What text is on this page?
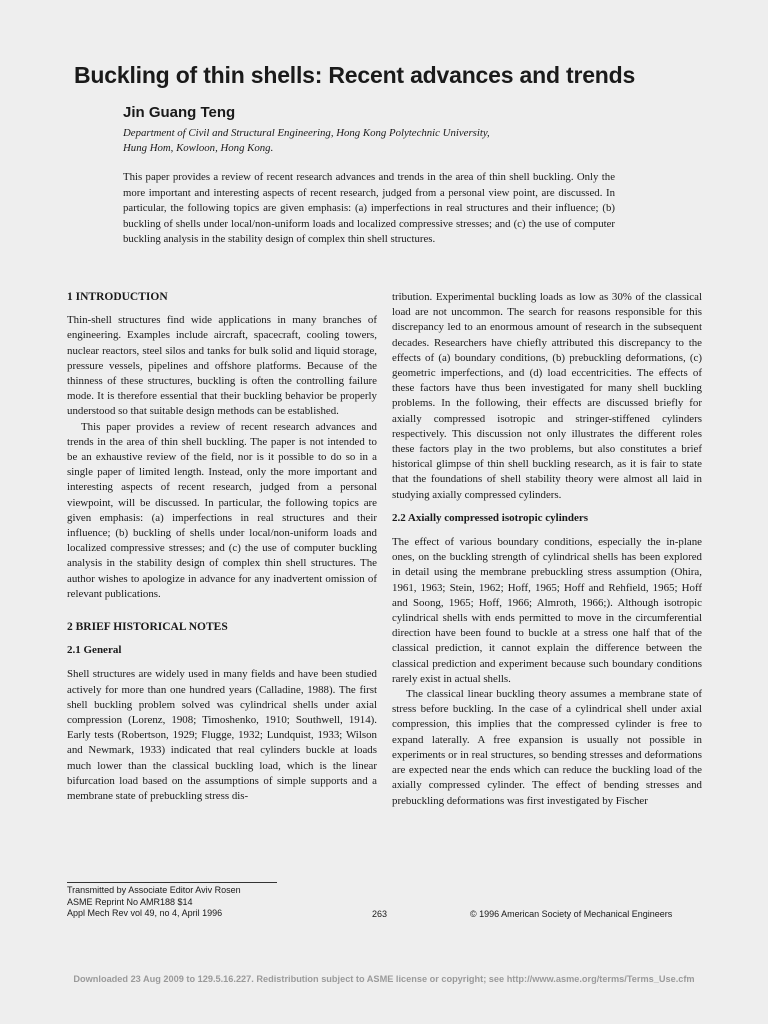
Buckling of thin shells: Recent advances and trends
Jin Guang Teng
Department of Civil and Structural Engineering, Hong Kong Polytechnic University,
Hung Hom, Kowloon, Hong Kong.
This paper provides a review of recent research advances and trends in the area of thin shell buckling. Only the more important and interesting aspects of recent research, judged from a personal view point, are discussed. In particular, the following topics are given emphasis: (a) imperfections in real structures and their influence; (b) buckling of shells under local/non-uniform loads and localized compressive stresses; and (c) the use of computer buckling analysis in the stability design of complex thin shell structures.
1 INTRODUCTION

Thin-shell structures find wide applications in many branches of engineering. Examples include aircraft, spacecraft, cooling towers, nuclear reactors, steel silos and tanks for bulk solid and liquid storage, pressure vessels, pipelines and offshore platforms. Because of the thinness of these structures, buckling is often the controlling failure mode. It is therefore essential that their buckling behavior be properly understood so that suitable design methods can be established.

This paper provides a review of recent research advances and trends in the area of thin shell buckling. The paper is not intended to be an exhaustive review of the field, nor is it possible to do so in a single paper of limited length. Instead, only the more important and interesting aspects of recent research, judged from a personal viewpoint, will be discussed. In particular, the following topics are given emphasis: (a) imperfections in real structures and their influence; (b) buckling of shells under local/non-uniform loads and localized compressive stresses; and (c) the use of computer buckling analysis in the stability design of complex thin shell structures. The author wishes to apologize in advance for any inadvertent omission of relevant publications.

2 BRIEF HISTORICAL NOTES
2.1 General

Shell structures are widely used in many fields and have been studied actively for more than one hundred years (Calladine, 1988). The first shell buckling problem solved was cylindrical shells under axial compression (Lorenz, 1908; Timoshenko, 1910; Southwell, 1914). Early tests (Robertson, 1929; Flugge, 1932; Lundquist, 1933; Wilson and Newmark, 1933) indicated that real cylinders buckle at loads much lower than the classical buckling load, which is the linear bifurcation load based on the assumptions of simple supports and a membrane state of prebuckling stress dis-

tribution. Experimental buckling loads as low as 30% of the classical load are not uncommon. The search for reasons responsible for this discrepancy led to an enormous amount of research in the subsequent decades. Researchers have chiefly attributed this discrepancy to the effects of (a) boundary conditions, (b) prebuckling deformations, (c) geometric imperfections, and (d) load eccentricities. The effects of these factors have thus been investigated for many shell buckling problems. In the following, their effects are discussed briefly for axially compressed isotropic and stringer-stiffened cylinders respectively. This discussion not only illustrates the different roles these factors play in the two problems, but also constitutes a brief historical glimpse of thin shell buckling research, as it is fair to state that the foundations of shell stability theory were almost all laid in studying axially compressed cylinders.

2.2 Axially compressed isotropic cylinders

The effect of various boundary conditions, especially the in-plane ones, on the buckling strength of cylindrical shells has been explored in detail using the membrane prebuckling stress assumption (Ohira, 1961, 1963; Stein, 1962; Hoff, 1965; Hoff and Rehfield, 1965; Hoff and Soong, 1965; Hoff, 1966; Almroth, 1966;). Although isotropic cylindrical shells with ends permitted to move in the circumferential direction have been found to buckle at a stress one half that of the classical prediction, it cannot explain the difference between the classical prediction and experiment because such boundary conditions rarely exist in actual shells.

The classical linear buckling theory assumes a membrane state of stress before buckling. In the case of a cylindrical shell under axial compression, this implies that the compressed cylinder is free to expand laterally. A free expansion is usually not possible in experiments or in real structures, so bending stresses and deformations are expected near the ends which can reduce the buckling load of the axially compressed cylinder. The effect of bending stresses and prebuckling deformations was first investigated by Fischer

Transmitted by Associate Editor Aviv Rosen
ASME Reprint No AMR188 $14
Appl Mech Rev vol 49, no 4, April 1996	263	© 1996 American Society of Mechanical Engineers
Downloaded 23 Aug 2009 to 129.5.16.227. Redistribution subject to ASME license or copyright; see http://www.asme.org/terms/Terms_Use.cfm
